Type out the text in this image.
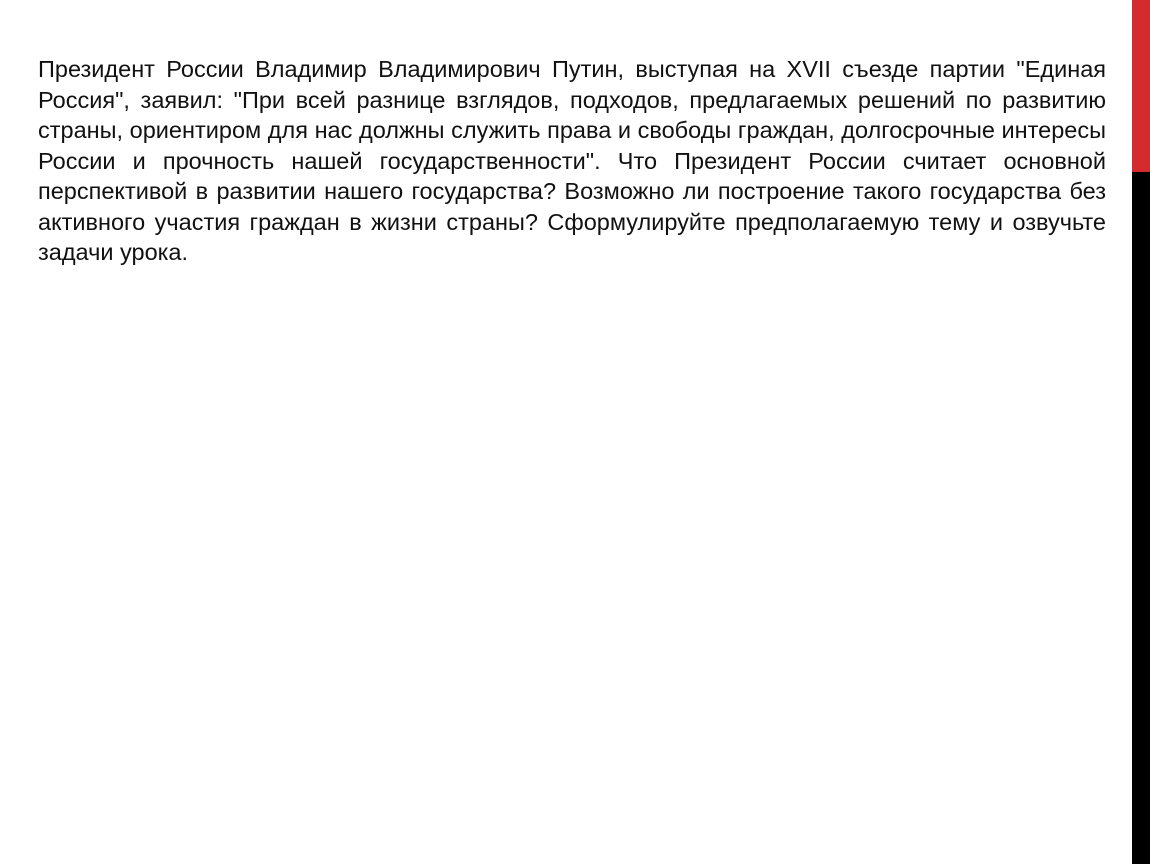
Президент России Владимир Владимирович Путин, выступая на XVII съезде партии "Единая Россия", заявил: "При всей разнице взглядов, подходов, предлагаемых решений по развитию страны, ориентиром для нас должны служить права и свободы граждан, долгосрочные интересы России и прочность нашей государственности". Что Президент России считает основной перспективой в развитии нашего государства? Возможно ли построение такого государства без активного участия граждан в жизни страны? Сформулируйте предполагаемую тему и озвучьте задачи урока.
